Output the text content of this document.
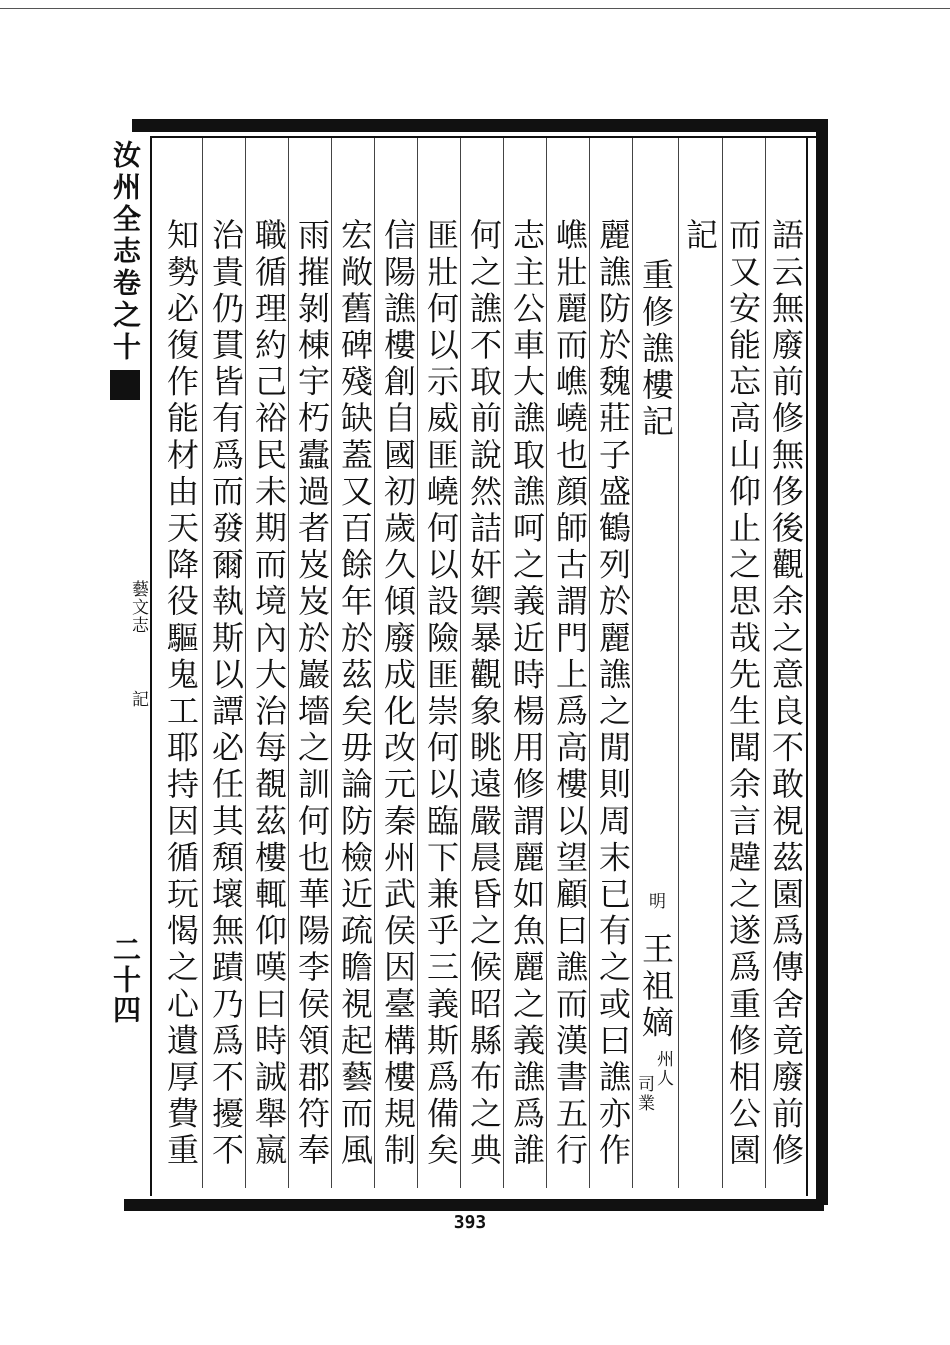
汝州全志卷之十
藝文志
記
二十四	語云無廢前修無侈後觀余之意良不敢視茲園爲傳舍竟廢前修
而又安能忘高山仰止之思哉先生聞余言韙之遂爲重修相公園
記
重修譙樓記
明
王祖嫡
州人
司業
麗譙防於魏莊子盛鶴列於麗譙之閒則周末已有之或曰譙亦作
嶕壯麗而嶕嶢也顔師古謂門上爲高樓以望顧曰譙而漢書五行
志主公車大譙取譙呵之義近時楊用修謂麗如魚麗之義譙爲誰
何之譙不取前說然詰奸禦暴觀象眺遠嚴晨昏之候昭縣布之典
匪壯何以示威匪嶢何以設險匪崇何以臨下兼乎三義斯爲備矣
信陽譙樓創自國初歲久傾廢成化改元秦州武侯因臺構樓規制
宏敞舊碑殘缺蓋又百餘年於茲矣毋論防檢近疏瞻視起藝而風
雨摧剝棟宇朽蠹過者岌岌於巖墻之訓何也華陽李侯領郡符奉
職循理約己裕民未期而境內大治每覩茲樓輒仰嘆曰時誠舉嬴
治貴仍貫皆有爲而發爾執斯以譚必任其頽壞無蹟乃爲不擾不
知勢必復作能材由天降役驅鬼工耶持因循玩愒之心遺厚費重
393
